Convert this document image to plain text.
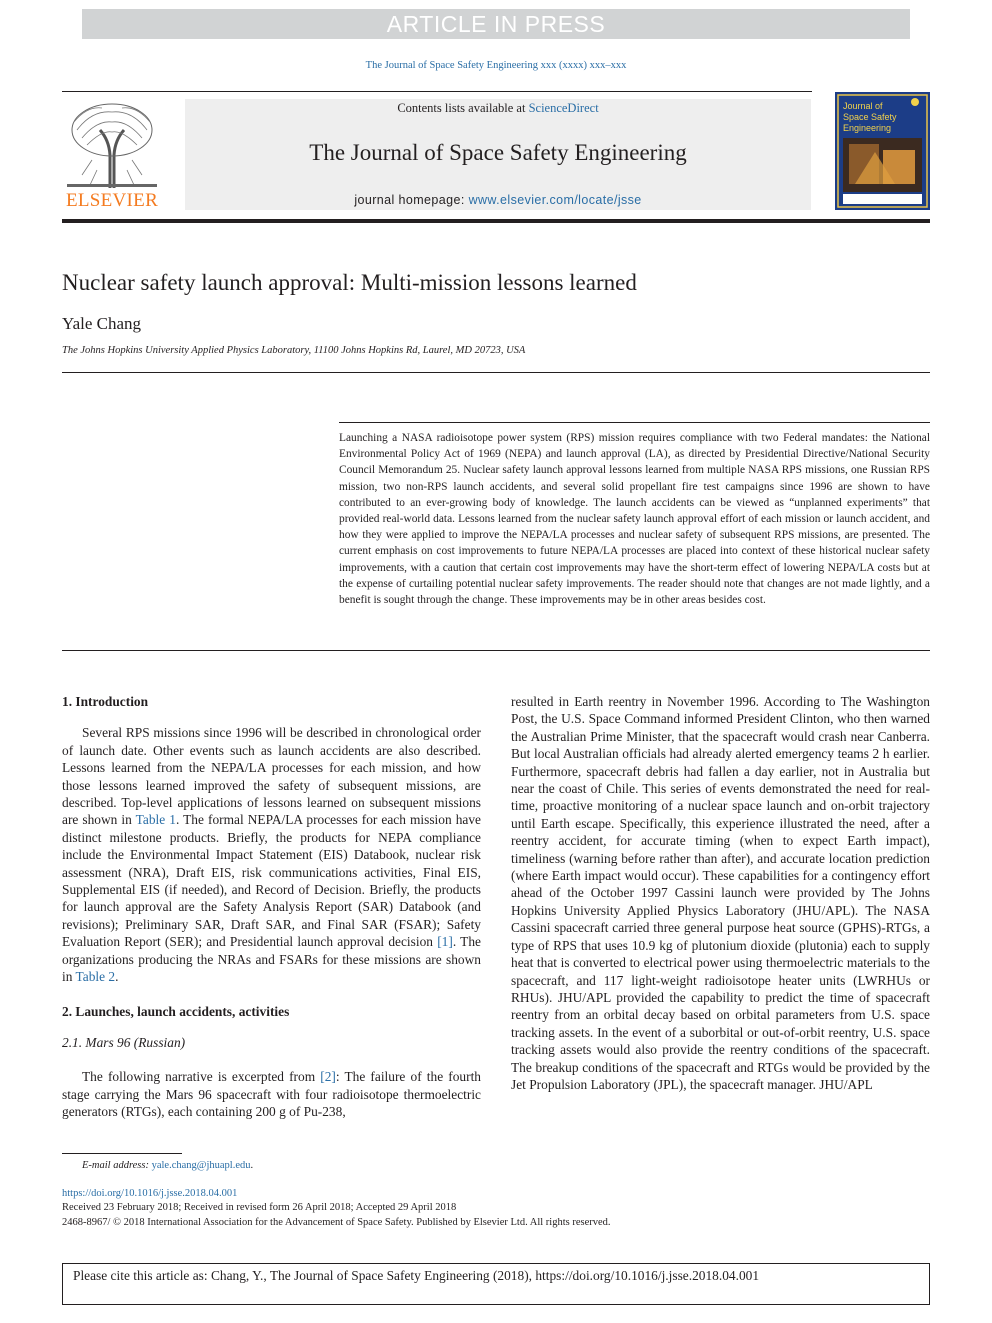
ARTICLE IN PRESS
The Journal of Space Safety Engineering xxx (xxxx) xxx–xxx
ELSEVIER
Contents lists available at ScienceDirect
The Journal of Space Safety Engineering
journal homepage: www.elsevier.com/locate/jsse
Journal of
Space Safety
Engineering
Nuclear safety launch approval: Multi-mission lessons learned
Yale Chang
The Johns Hopkins University Applied Physics Laboratory, 11100 Johns Hopkins Rd, Laurel, MD 20723, USA
Launching a NASA radioisotope power system (RPS) mission requires compliance with two Federal mandates: the National Environmental Policy Act of 1969 (NEPA) and launch approval (LA), as directed by Presidential Directive/National Security Council Memorandum 25. Nuclear safety launch approval lessons learned from multiple NASA RPS missions, one Russian RPS mission, two non-RPS launch accidents, and several solid propellant fire test campaigns since 1996 are shown to have contributed to an ever-growing body of knowledge. The launch accidents can be viewed as “unplanned experiments” that provided real-world data. Lessons learned from the nuclear safety launch approval effort of each mission or launch accident, and how they were applied to improve the NEPA/LA processes and nuclear safety of subsequent RPS missions, are presented. The current emphasis on cost improvements to future NEPA/LA processes are placed into context of these historical nuclear safety improvements, with a caution that certain cost improvements may have the short-term effect of lowering NEPA/LA costs but at the expense of curtailing potential nuclear safety improvements. The reader should note that changes are not made lightly, and a benefit is sought through the change. These improvements may be in other areas besides cost.

1. Introduction

Several RPS missions since 1996 will be described in chronological order of launch date. Other events such as launch accidents are also described. Lessons learned from the NEPA/LA processes for each mission, and how those lessons learned improved the safety of subsequent missions, are described. Top-level applications of lessons learned on subsequent missions are shown in Table 1. The formal NEPA/LA processes for each mission have distinct milestone products. Briefly, the products for NEPA compliance include the Environmental Impact Statement (EIS) Databook, nuclear risk assessment (NRA), Draft EIS, risk communications activities, Final EIS, Supplemental EIS (if needed), and Record of Decision. Briefly, the products for launch approval are the Safety Analysis Report (SAR) Databook (and revisions); Preliminary SAR, Draft SAR, and Final SAR (FSAR); Safety Evaluation Report (SER); and Presidential launch approval decision [1]. The organizations producing the NRAs and FSARs for these missions are shown in Table 2.

2. Launches, launch accidents, activities

2.1. Mars 96 (Russian)

The following narrative is excerpted from [2]: The failure of the fourth stage carrying the Mars 96 spacecraft with four radioisotope thermoelectric generators (RTGs), each containing 200 g of Pu-238,

resulted in Earth reentry in November 1996. According to The Washington Post, the U.S. Space Command informed President Clinton, who then warned the Australian Prime Minister, that the spacecraft would crash near Canberra. But local Australian officials had already alerted emergency teams 2 h earlier. Furthermore, spacecraft debris had fallen a day earlier, not in Australia but near the coast of Chile. This series of events demonstrated the need for real-time, proactive monitoring of a nuclear space launch and on-orbit trajectory until Earth escape. Specifically, this experience illustrated the need, after a reentry accident, for accurate timing (when to expect Earth impact), timeliness (warning before rather than after), and accurate location prediction (where Earth impact would occur). These capabilities for a contingency effort ahead of the October 1997 Cassini launch were provided by The Johns Hopkins University Applied Physics Laboratory (JHU/APL). The NASA Cassini spacecraft carried three general purpose heat source (GPHS)-RTGs, a type of RPS that uses 10.9 kg of plutonium dioxide (plutonia) each to supply heat that is converted to electrical power using thermoelectric materials to the spacecraft, and 117 light-weight radioisotope heater units (LWRHUs or RHUs). JHU/APL provided the capability to predict the time of spacecraft reentry from an orbital decay based on orbital parameters from U.S. space tracking assets. In the event of a suborbital or out-of-orbit reentry, U.S. space tracking assets would also provide the reentry conditions of the spacecraft. The breakup conditions of the spacecraft and RTGs would be provided by the Jet Propulsion Laboratory (JPL), the spacecraft manager. JHU/APL

E-mail address: yale.chang@jhuapl.edu.
https://doi.org/10.1016/j.jsse.2018.04.001
Received 23 February 2018; Received in revised form 26 April 2018; Accepted 29 April 2018
2468-8967/ © 2018 International Association for the Advancement of Space Safety. Published by Elsevier Ltd. All rights reserved.
Please cite this article as: Chang, Y., The Journal of Space Safety Engineering (2018), https://doi.org/10.1016/j.jsse.2018.04.001
